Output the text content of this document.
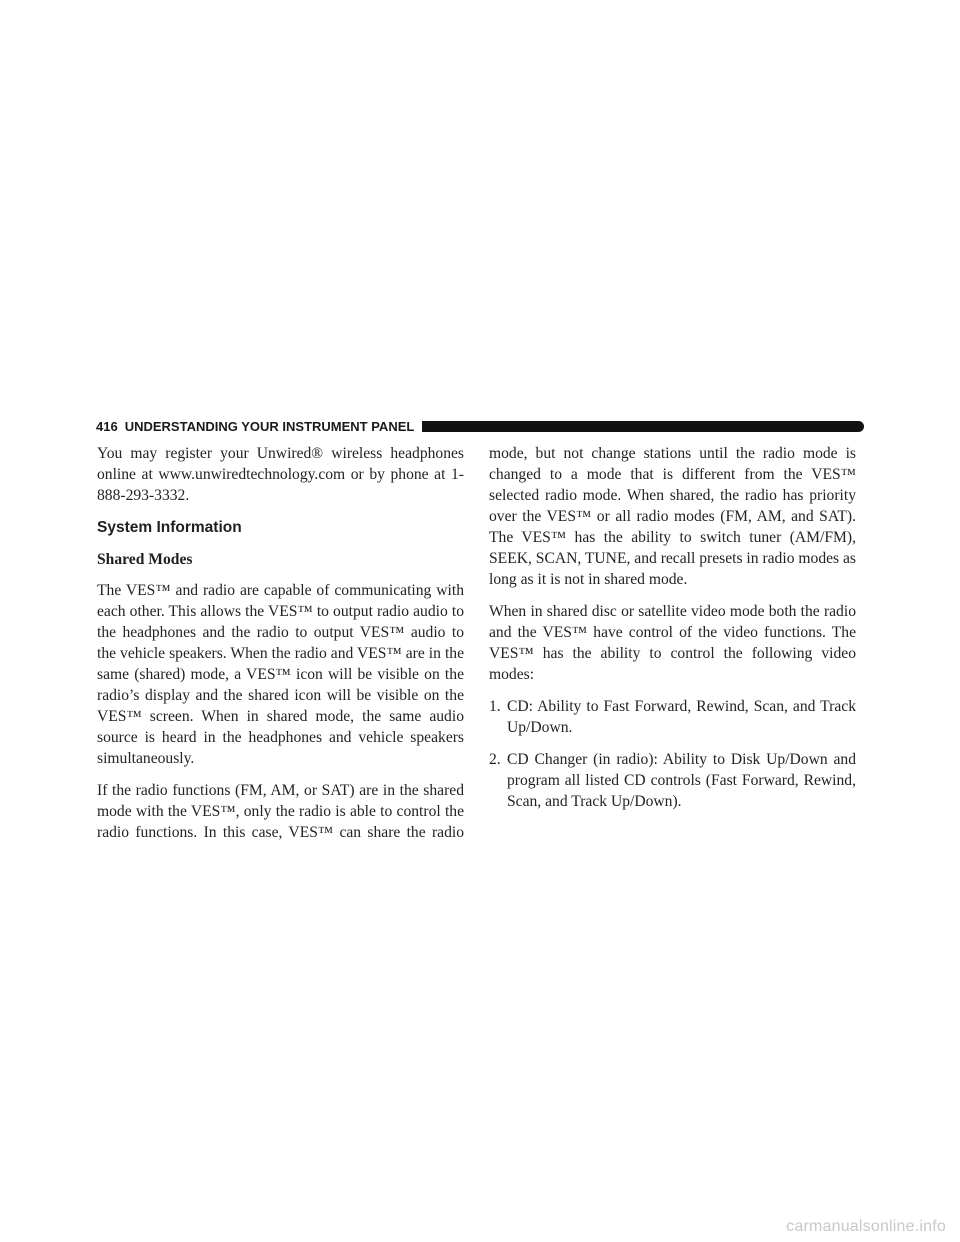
416 UNDERSTANDING YOUR INSTRUMENT PANEL

You may register your Unwired® wireless headphones online at www.unwiredtechnology.com or by phone at 1-888-293-3332.

System Information
Shared Modes

The VES™ and radio are capable of communicating with each other. This allows the VES™ to output radio audio to the headphones and the radio to output VES™ audio to the vehicle speakers. When the radio and VES™ are in the same (shared) mode, a VES™ icon will be visible on the radio’s display and the shared icon will be visible on the VES™ screen. When in shared mode, the same audio source is heard in the headphones and vehicle speakers simultaneously.

If the radio functions (FM, AM, or SAT) are in the shared mode with the VES™, only the radio is able to control the radio functions. In this case, VES™ can share the radio

mode, but not change stations until the radio mode is changed to a mode that is different from the VES™ selected radio mode. When shared, the radio has priority over the VES™ or all radio modes (FM, AM, and SAT). The VES™ has the ability to switch tuner (AM/FM), SEEK, SCAN, TUNE, and recall presets in radio modes as long as it is not in shared mode.

When in shared disc or satellite video mode both the radio and the VES™ have control of the video functions. The VES™ has the ability to control the following video modes:

1. CD: Ability to Fast Forward, Rewind, Scan, and Track Up/Down.
2. CD Changer (in radio): Ability to Disk Up/Down and program all listed CD controls (Fast Forward, Rewind, Scan, and Track Up/Down).
carmanualsonline.info
